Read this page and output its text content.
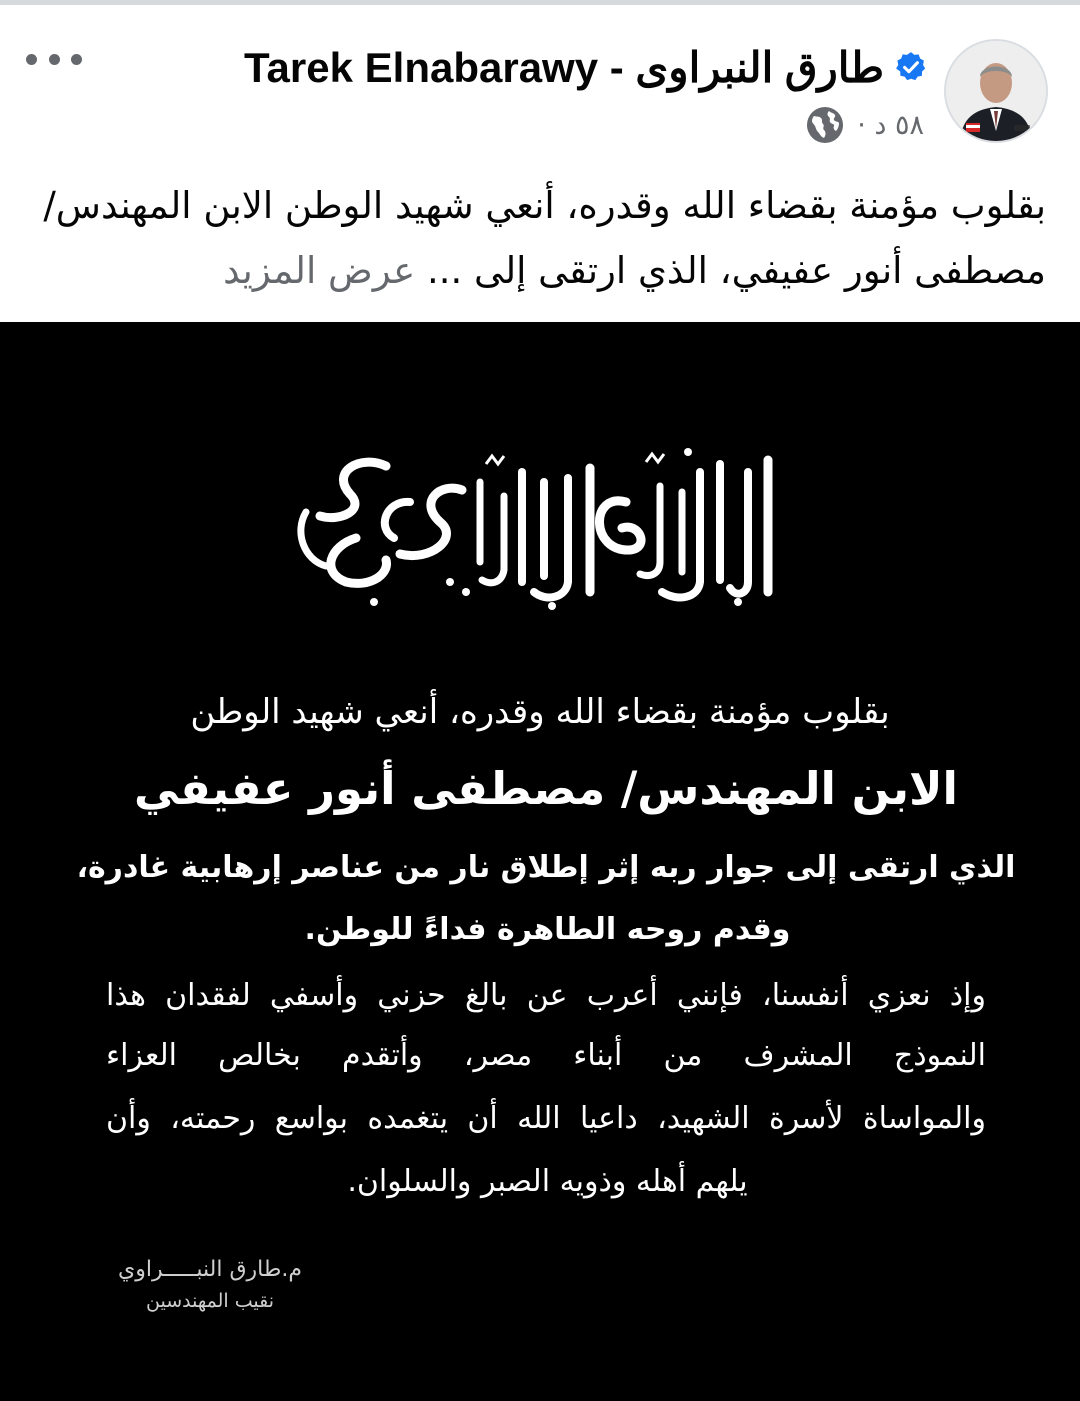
Tarek Elnabarawy - طارق النبراوى
٥٨ د ·
بقلوب مؤمنة بقضاء الله وقدره، أنعي شهيد الوطن الابن المهندس/ مصطفى أنور عفيفي، الذي ارتقى إلى ... عرض المزيد
بقلوب مؤمنة بقضاء الله وقدره، أنعي شهيد الوطن
الابن المهندس/ مصطفى أنور عفيفي
الذي ارتقى إلى جوار ربه إثر إطلاق نار من عناصر إرهابية غادرة،
وقدم روحه الطاهرة فداءً للوطن.
وإذ نعزي أنفسنا، فإنني أعرب عن بالغ حزني وأسفي لفقدان هذا
النموذج المشرف من أبناء مصر، وأتقدم بخالص العزاء
والمواساة لأسرة الشهيد، داعيا الله أن يتغمده بواسع رحمته، وأن
يلهم أهله وذويه الصبر والسلوان.
م.طارق النبـــــراوي
نقيب المهندسين
